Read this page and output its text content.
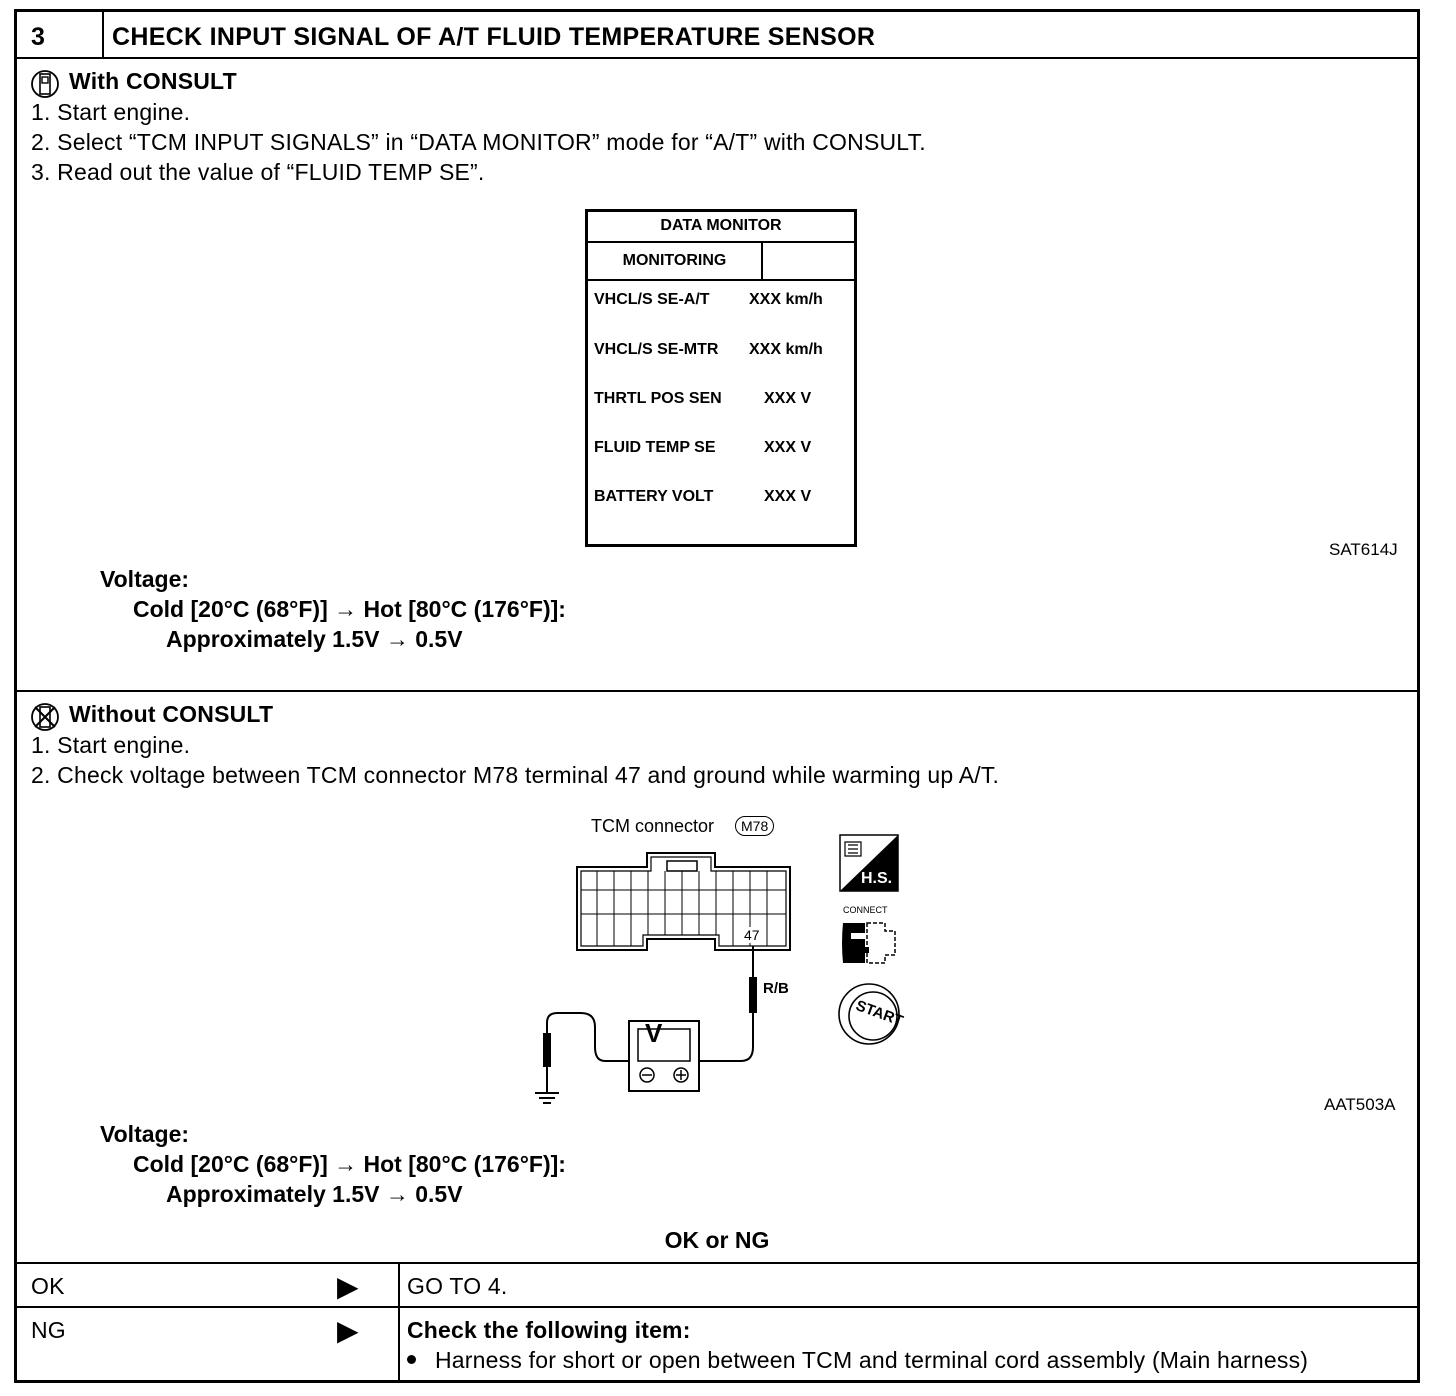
3	CHECK INPUT SIGNAL OF A/T FLUID TEMPERATURE SENSOR
With CONSULT
1. Start engine.
2. Select “TCM INPUT SIGNALS” in “DATA MONITOR” mode for “A/T” with CONSULT.
3. Read out the value of “FLUID TEMP SE”.
DATA MONITOR
MONITORING
VHCL/S SE-A/T XXX km/h
VHCL/S SE-MTR XXX km/h
THRTL POS SEN	XXX V
FLUID TEMP SE	XXX V
BATTERY VOLT	XXX V
SAT614J
Voltage:
Cold [20°C (68°F)] → Hot [80°C (176°F)]:
Approximately 1.5V → 0.5V
Without CONSULT
1. Start engine.
2. Check voltage between TCM connector M78 terminal 47 and ground while warming up A/T.
TCM connector	M78
47
R/B
V
H.S.
CONNECT
START
AAT503A
Voltage:
Cold [20°C (68°F)] → Hot [80°C (176°F)]:
Approximately 1.5V → 0.5V
OK or NG
OK	▶ GO TO 4.
NG	▶ Check the following item:
Harness for short or open between TCM and terminal cord assembly (Main harness)
